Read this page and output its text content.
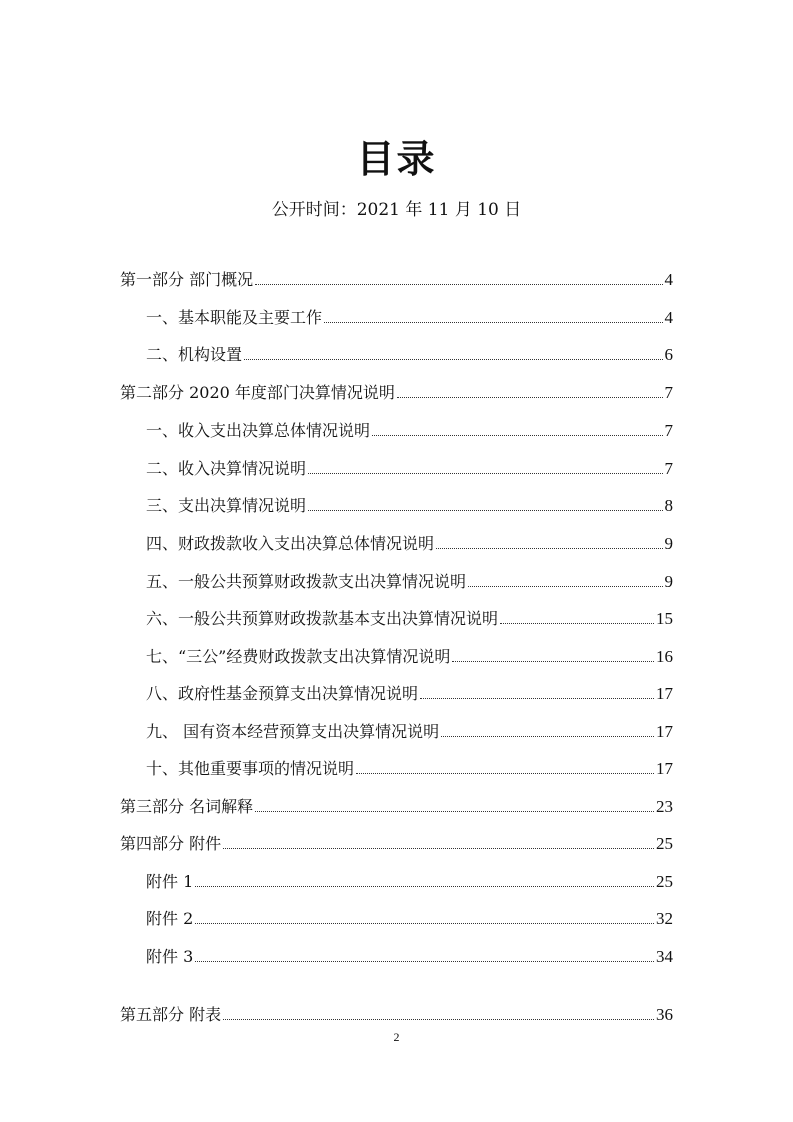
目录
公开时间：2021 年 11 月 10 日
第一部分 部门概况	4
一、基本职能及主要工作	4
二、机构设置	6
第二部分 2020 年度部门决算情况说明	7
一、收入支出决算总体情况说明	7
二、收入决算情况说明	7
三、支出决算情况说明	8
四、财政拨款收入支出决算总体情况说明	9
五、一般公共预算财政拨款支出决算情况说明	9
六、一般公共预算财政拨款基本支出决算情况说明	15
七、“三公”经费财政拨款支出决算情况说明	16
八、政府性基金预算支出决算情况说明	17
九、 国有资本经营预算支出决算情况说明	17
十、其他重要事项的情况说明	17
第三部分 名词解释	23
第四部分 附件	25
附件 1	25
附件 2	32
附件 3	34
第五部分 附表	36
2
